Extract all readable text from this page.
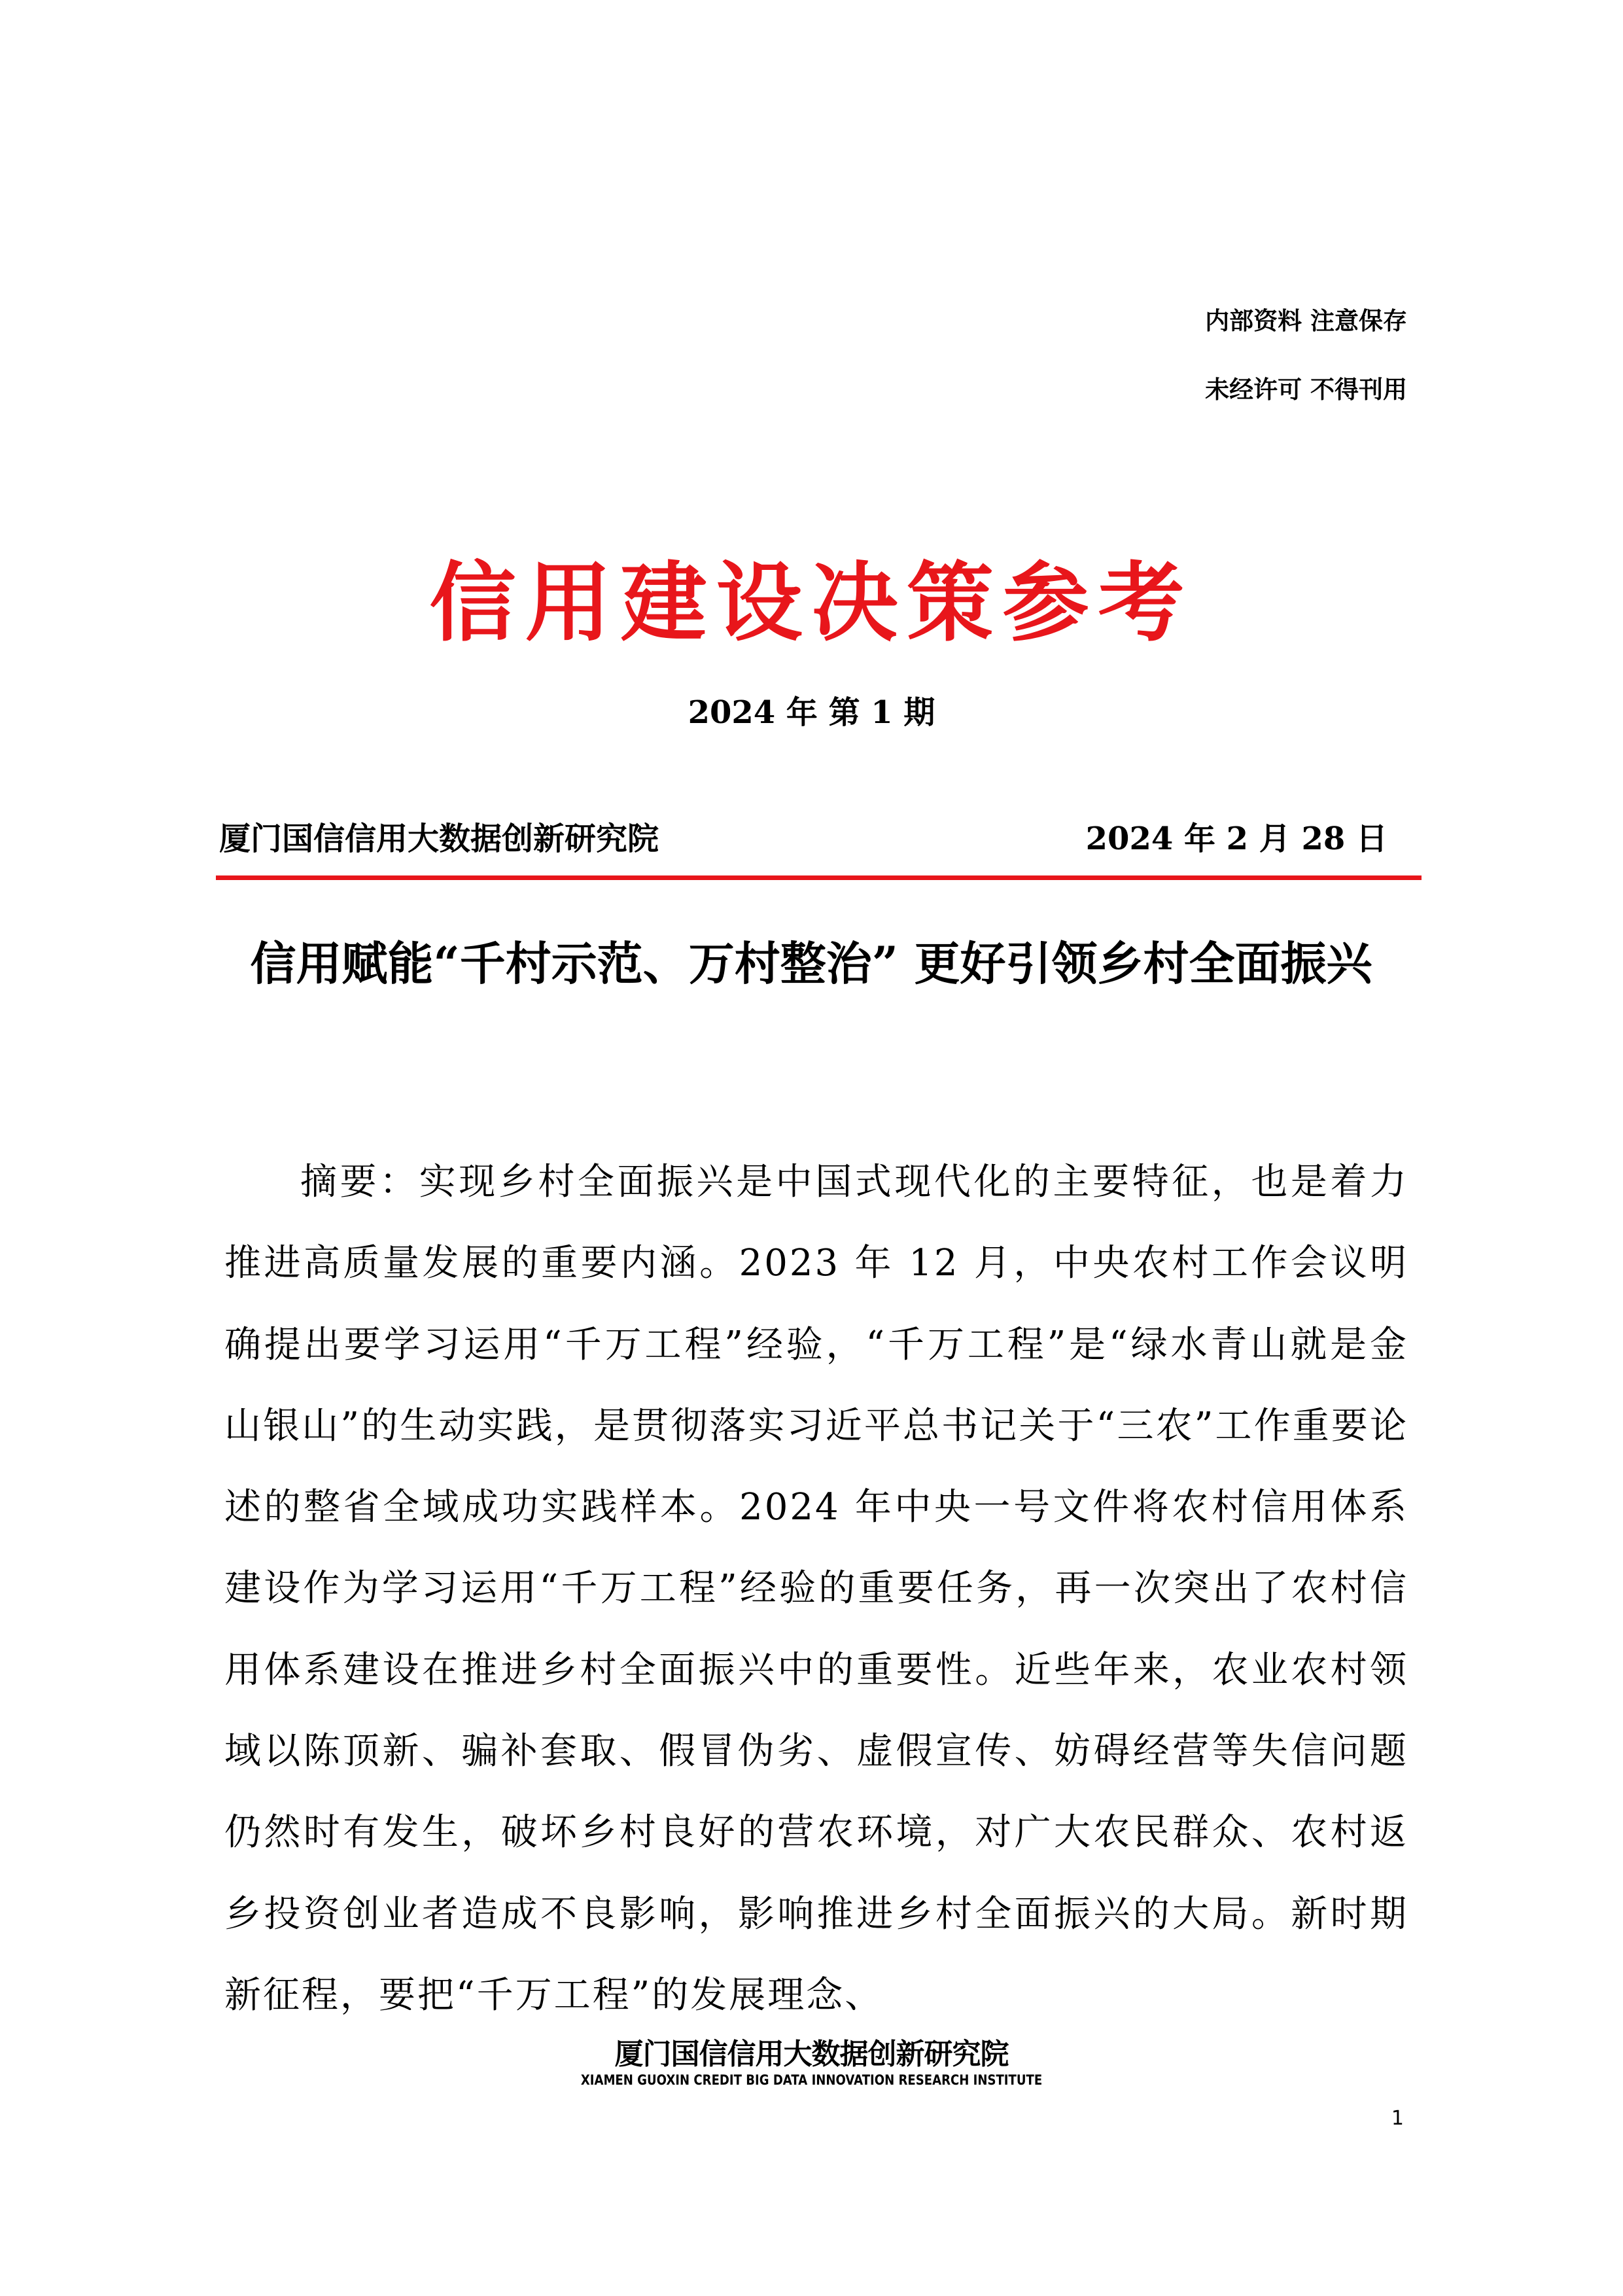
内部资料 注意保存
未经许可 不得刊用
信用建设决策参考
2024 年 第 1 期
厦门国信信用大数据创新研究院	2024 年 2 月 28 日
信用赋能“千村示范、万村整治” 更好引领乡村全面振兴
摘要：实现乡村全面振兴是中国式现代化的主要特征，也是着力推进高质量发展的重要内涵。2023 年 12 月，中央农村工作会议明确提出要学习运用“千万工程”经验，“千万工程”是“绿水青山就是金山银山”的生动实践，是贯彻落实习近平总书记关于“三农”工作重要论述的整省全域成功实践样本。2024 年中央一号文件将农村信用体系建设作为学习运用“千万工程”经验的重要任务，再一次突出了农村信用体系建设在推进乡村全面振兴中的重要性。近些年来，农业农村领域以陈顶新、骗补套取、假冒伪劣、虚假宣传、妨碍经营等失信问题仍然时有发生，破坏乡村良好的营农环境，对广大农民群众、农村返乡投资创业者造成不良影响，影响推进乡村全面振兴的大局。新时期新征程，要把“千万工程”的发展理念、
厦门国信信用大数据创新研究院
XIAMEN GUOXIN CREDIT BIG DATA INNOVATION RESEARCH INSTITUTE
1
